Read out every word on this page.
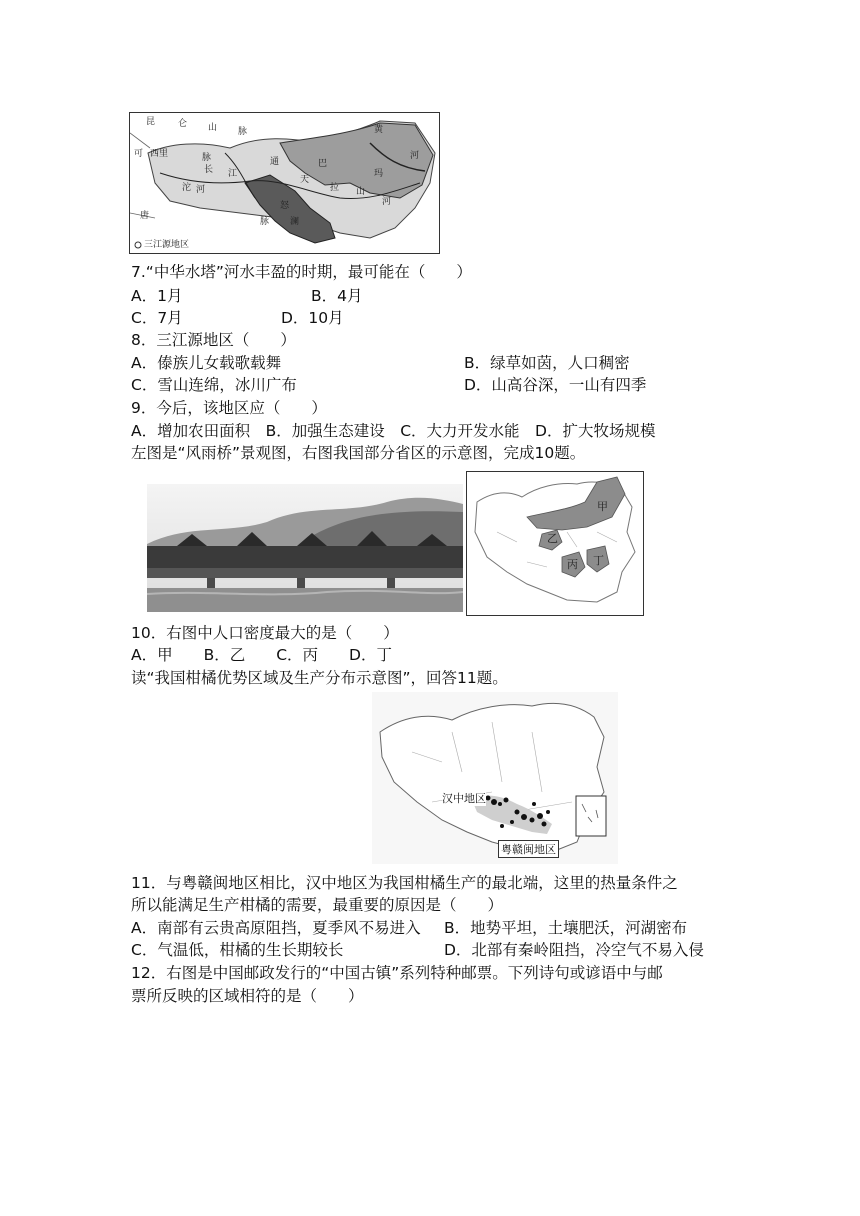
三江源地区
昆	仑 山 脉
可 西里	脉
长 江
沱 河
唐
拉 山
脉
黄
河
通
天
巴
澜
怒	河
玛
7.“中华水塔”河水丰盈的时期，最可能在（　　）
A．1月	B．4月
C．7月	D．10月
8．三江源地区（　　）
A．傣族儿女载歌载舞	B．绿草如茵，人口稠密
C．雪山连绵，冰川广布	D．山高谷深，一山有四季
9．今后，该地区应（　　）
A．增加农田面积　B．加强生态建设　C．大力开发水能　D．扩大牧场规模
左图是“风雨桥”景观图，右图我国部分省区的示意图，完成10题。
甲
乙
丙 丁
10．右图中人口密度最大的是（　　）
A．甲　　B．乙　　C．丙　　D．丁
读“我国柑橘优势区域及生产分布示意图”，回答11题。
汉中地区
粤赣闽地区
11．与粤赣闽地区相比，汉中地区为我国柑橘生产的最北端，这里的热量条件之
所以能满足生产柑橘的需要，最重要的原因是（　　）
A．南部有云贵高原阻挡，夏季风不易进入 B．地势平坦，土壤肥沃，河湖密布
C．气温低，柑橘的生长期较长	D．北部有秦岭阻挡，冷空气不易入侵
12．右图是中国邮政发行的“中国古镇”系列特种邮票。下列诗句或谚语中与邮
票所反映的区域相符的是（　　）
